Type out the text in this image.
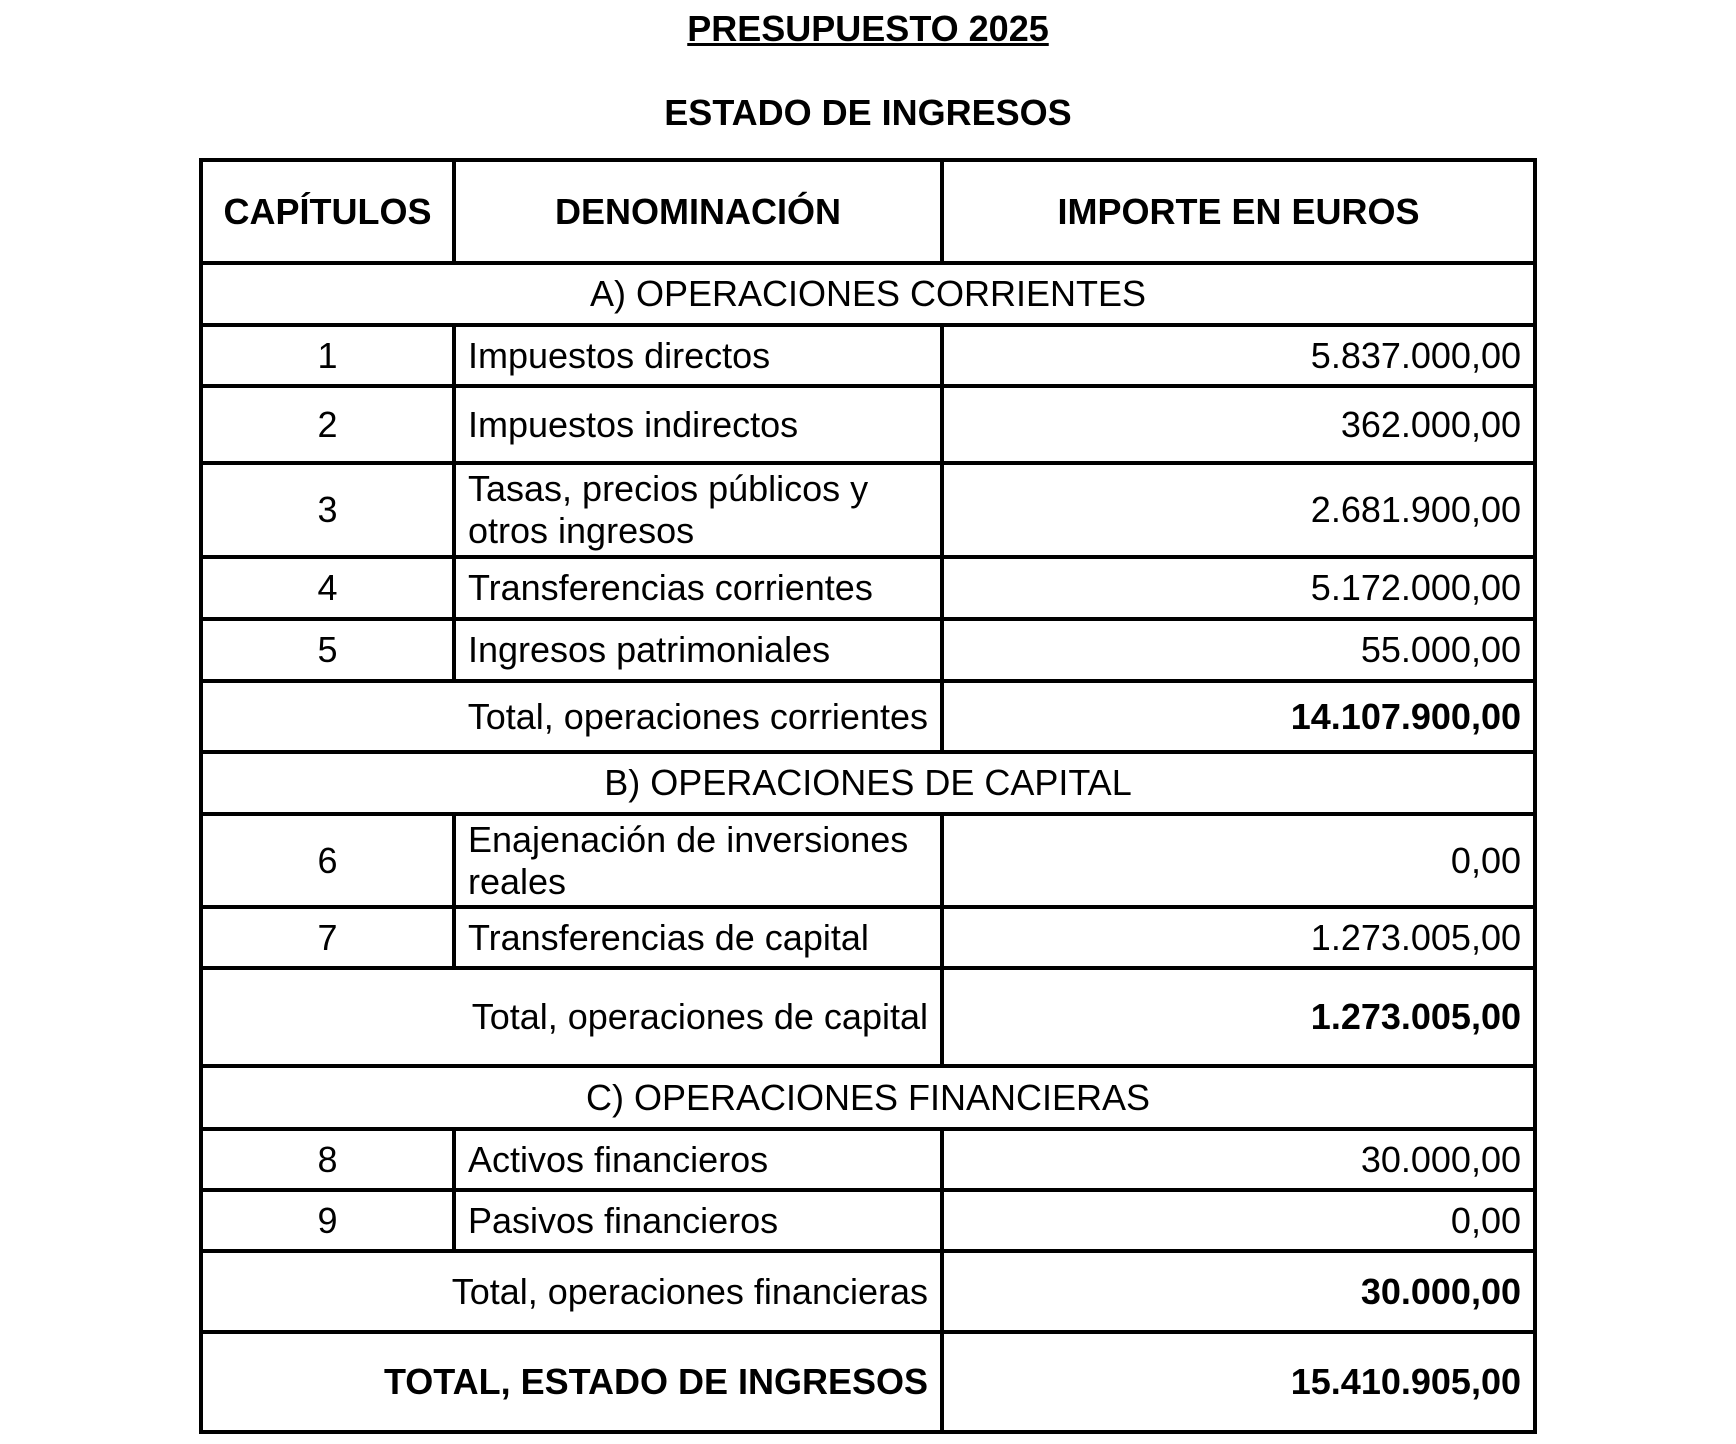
PRESUPUESTO 2025
ESTADO DE INGRESOS
CAPÍTULOS	DENOMINACIÓN	IMPORTE EN EUROS
A) OPERACIONES CORRIENTES		
1	Impuestos directos	5.837.000,00
2	Impuestos indirectos	362.000,00
3	Tasas, precios públicos y otros ingresos	2.681.900,00
4	Transferencias corrientes	5.172.000,00
5	Ingresos patrimoniales	55.000,00
Total, operaciones corrientes		14.107.900,00
B) OPERACIONES DE CAPITAL		
6	Enajenación de inversiones reales	0,00
7	Transferencias de capital	1.273.005,00
Total, operaciones de capital		1.273.005,00
C) OPERACIONES FINANCIERAS		
8	Activos financieros	30.000,00
9	Pasivos financieros	0,00
Total, operaciones financieras		30.000,00
TOTAL, ESTADO DE INGRESOS		15.410.905,00
